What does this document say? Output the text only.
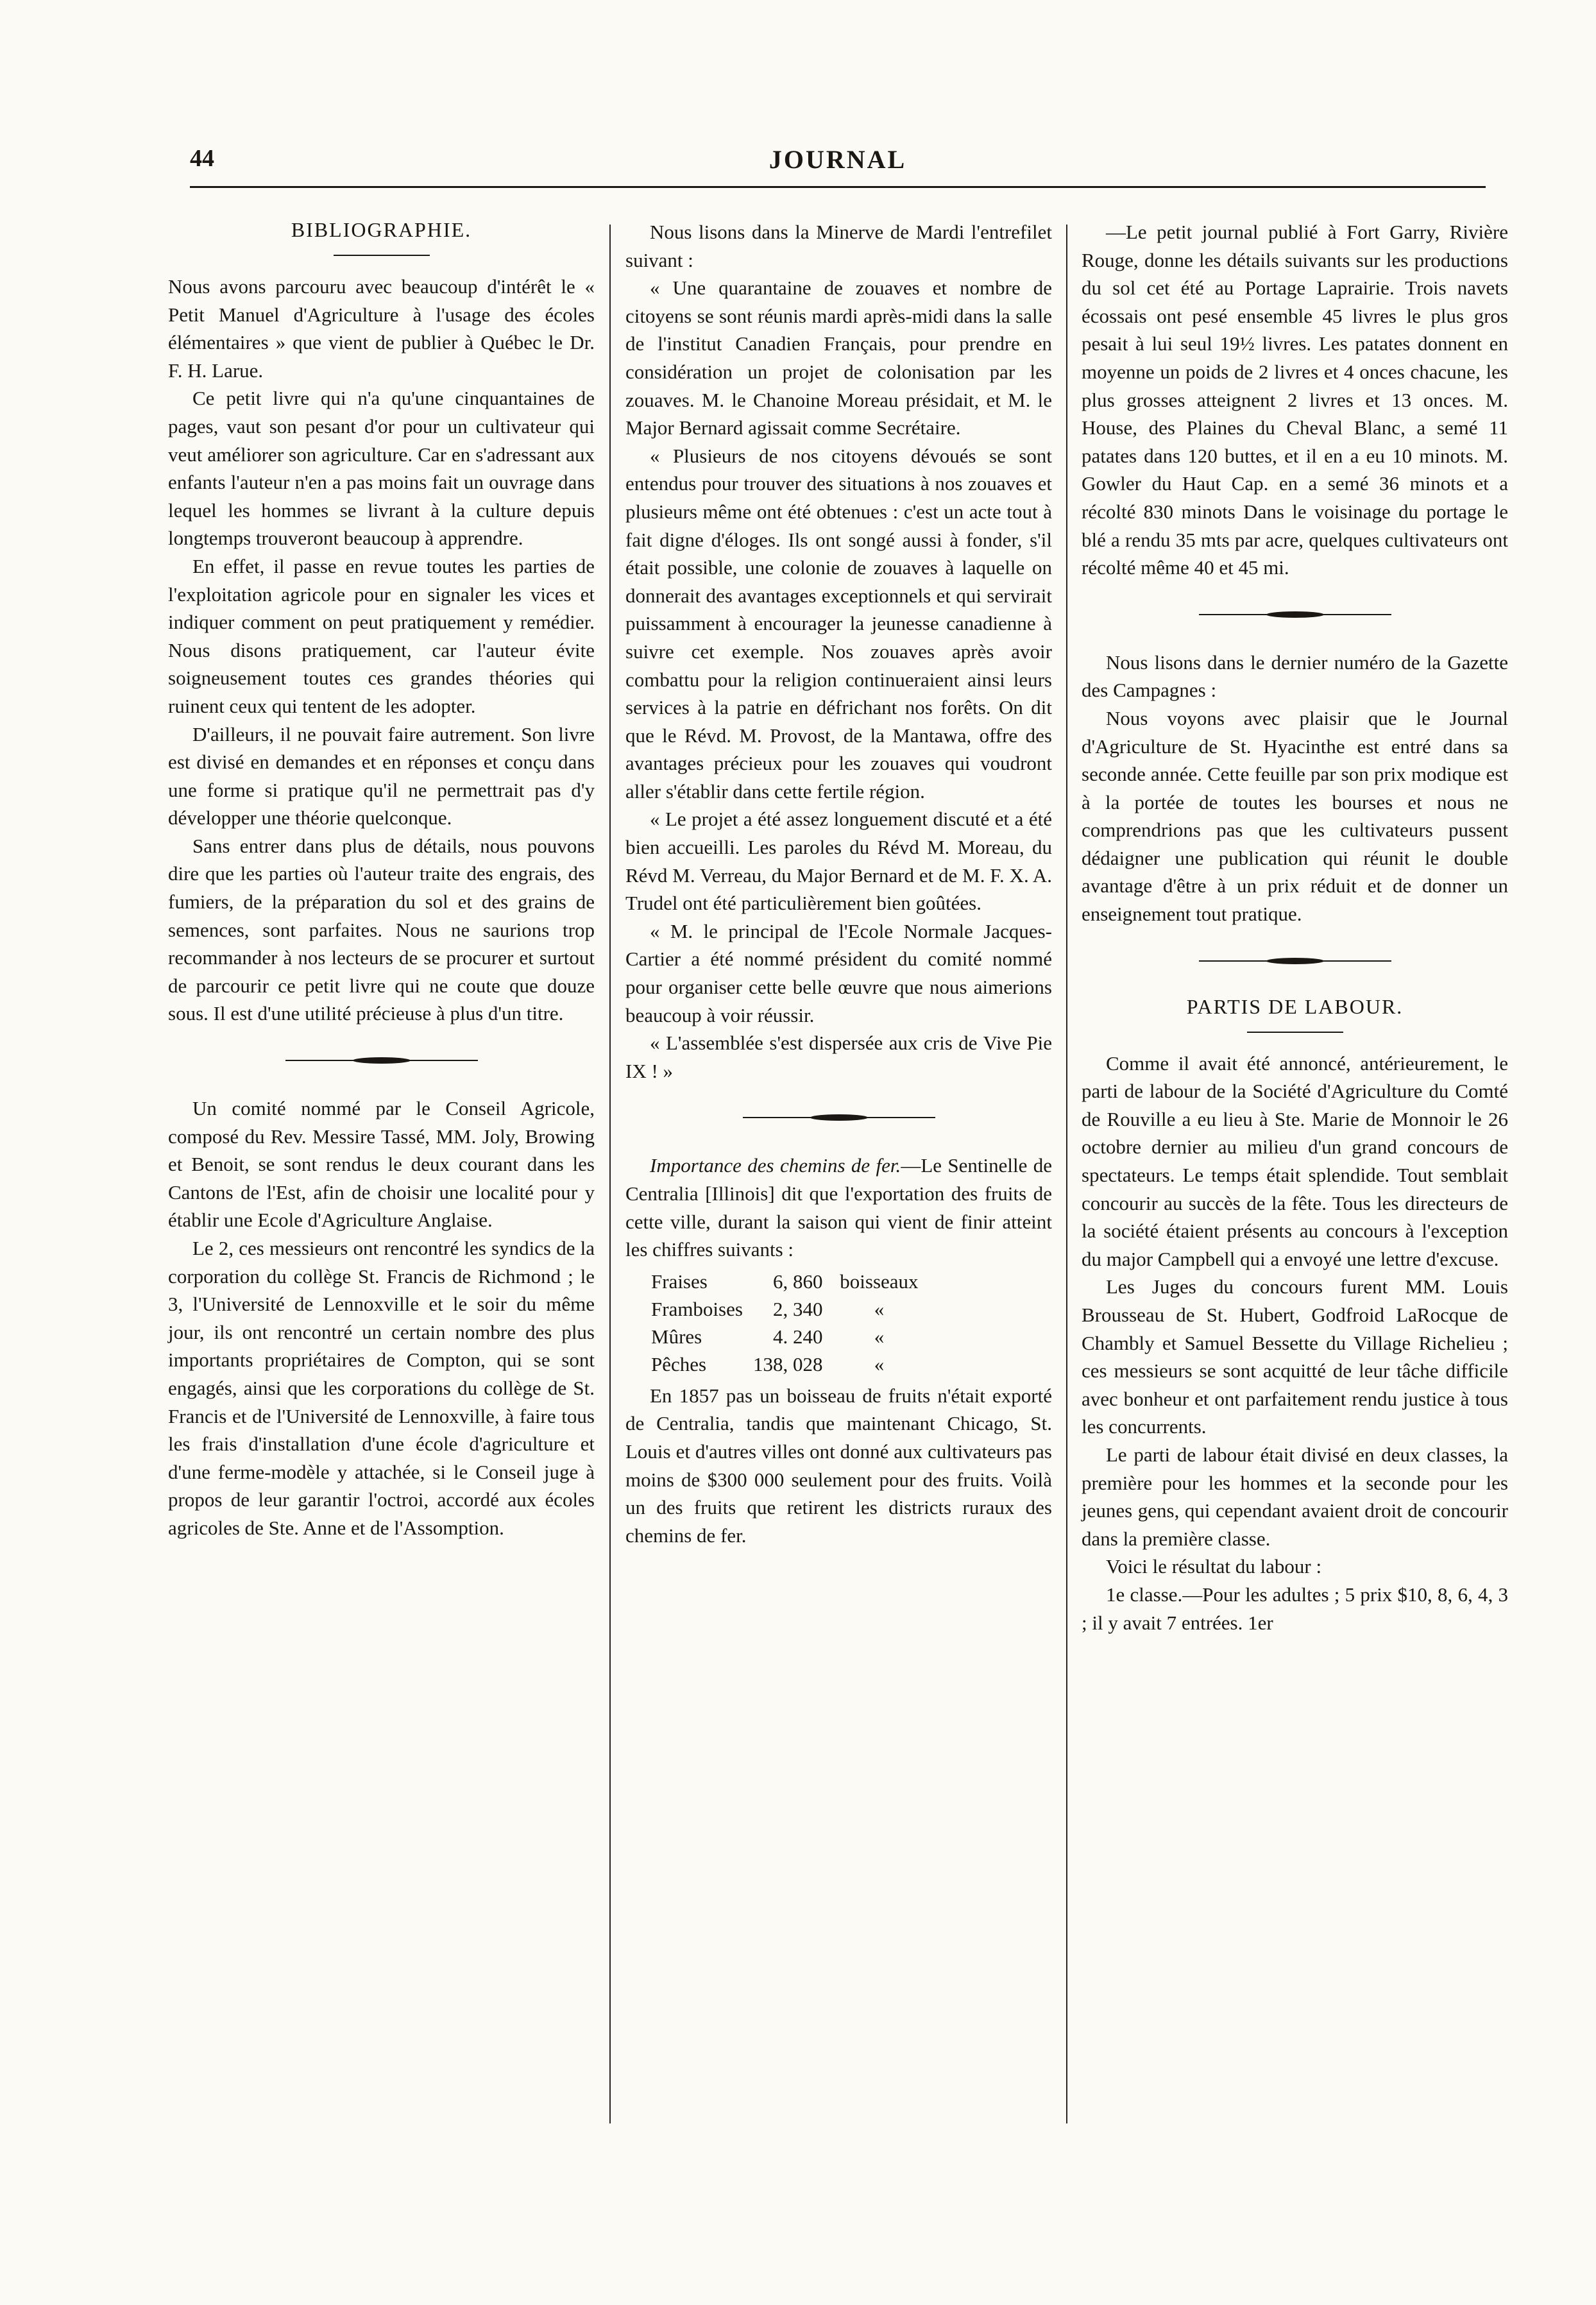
44	JOURNAL
BIBLIOGRAPHIE.

Nous avons parcouru avec beaucoup d'intérêt le « Petit Manuel d'Agriculture à l'usage des écoles élémentaires » que vient de publier à Québec le Dr. F. H. Larue.

Ce petit livre qui n'a qu'une cinquantaines de pages, vaut son pesant d'or pour un cultivateur qui veut améliorer son agriculture. Car en s'adressant aux enfants l'auteur n'en a pas moins fait un ouvrage dans lequel les hommes se livrant à la culture depuis longtemps trouveront beaucoup à apprendre.

En effet, il passe en revue toutes les parties de l'exploitation agricole pour en signaler les vices et indiquer comment on peut pratiquement y remédier. Nous disons pratiquement, car l'auteur évite soigneusement toutes ces grandes théories qui ruinent ceux qui tentent de les adopter.

D'ailleurs, il ne pouvait faire autrement. Son livre est divisé en demandes et en réponses et conçu dans une forme si pratique qu'il ne permettrait pas d'y développer une théorie quelconque.

Sans entrer dans plus de détails, nous pouvons dire que les parties où l'auteur traite des engrais, des fumiers, de la préparation du sol et des grains de semences, sont parfaites. Nous ne saurions trop recommander à nos lecteurs de se procurer et surtout de parcourir ce petit livre qui ne coute que douze sous. Il est d'une utilité précieuse à plus d'un titre.

Un comité nommé par le Conseil Agricole, composé du Rev. Messire Tassé, MM. Joly, Browing et Benoit, se sont rendus le deux courant dans les Cantons de l'Est, afin de choisir une localité pour y établir une Ecole d'Agriculture Anglaise.

Le 2, ces messieurs ont rencontré les syndics de la corporation du collège St. Francis de Richmond ; le 3, l'Université de Lennoxville et le soir du même jour, ils ont rencontré un certain nombre des plus importants propriétaires de Compton, qui se sont engagés, ainsi que les corporations du collège de St. Francis et de l'Université de Lennoxville, à faire tous les frais d'installation d'une école d'agriculture et d'une ferme-modèle y attachée, si le Conseil juge à propos de leur garantir l'octroi, accordé aux écoles agricoles de Ste. Anne et de l'Assomption.

Nous lisons dans la Minerve de Mardi l'entrefilet suivant :

« Une quarantaine de zouaves et nombre de citoyens se sont réunis mardi après-midi dans la salle de l'institut Canadien Français, pour prendre en considération un projet de colonisation par les zouaves. M. le Chanoine Moreau présidait, et M. le Major Bernard agissait comme Secrétaire.

« Plusieurs de nos citoyens dévoués se sont entendus pour trouver des situations à nos zouaves et plusieurs même ont été obtenues : c'est un acte tout à fait digne d'éloges. Ils ont songé aussi à fonder, s'il était possible, une colonie de zouaves à laquelle on donnerait des avantages exceptionnels et qui servirait puissamment à encourager la jeunesse canadienne à suivre cet exemple. Nos zouaves après avoir combattu pour la religion continueraient ainsi leurs services à la patrie en défrichant nos forêts. On dit que le Révd. M. Provost, de la Mantawa, offre des avantages précieux pour les zouaves qui voudront aller s'établir dans cette fertile région.

« Le projet a été assez longuement discuté et a été bien accueilli. Les paroles du Révd M. Moreau, du Révd M. Verreau, du Major Bernard et de M. F. X. A. Trudel ont été particulièrement bien goûtées.

« M. le principal de l'Ecole Normale Jacques-Cartier a été nommé président du comité nommé pour organiser cette belle œuvre que nous aimerions beaucoup à voir réussir.

« L'assemblée s'est dispersée aux cris de Vive Pie IX ! »

Importance des chemins de fer.—Le Sentinelle de Centralia [Illinois] dit que l'exportation des fruits de cette ville, durant la saison qui vient de finir atteint les chiffres suivants :

Fraises	6, 860	boisseaux
Framboises	2, 340	«
Mûres	4. 240	«
Pêches	138, 028	«

En 1857 pas un boisseau de fruits n'était exporté de Centralia, tandis que maintenant Chicago, St. Louis et d'autres villes ont donné aux cultivateurs pas moins de $300 000 seulement pour des fruits. Voilà un des fruits que retirent les districts ruraux des chemins de fer.

—Le petit journal publié à Fort Garry, Rivière Rouge, donne les détails suivants sur les productions du sol cet été au Portage Laprairie. Trois navets écossais ont pesé ensemble 45 livres le plus gros pesait à lui seul 19½ livres. Les patates donnent en moyenne un poids de 2 livres et 4 onces chacune, les plus grosses atteignent 2 livres et 13 onces. M. House, des Plaines du Cheval Blanc, a semé 11 patates dans 120 buttes, et il en a eu 10 minots. M. Gowler du Haut Cap. en a semé 36 minots et a récolté 830 minots Dans le voisinage du portage le blé a rendu 35 mts par acre, quelques cultivateurs ont récolté même 40 et 45 mi.

Nous lisons dans le dernier numéro de la Gazette des Campagnes :

Nous voyons avec plaisir que le Journal d'Agriculture de St. Hyacinthe est entré dans sa seconde année. Cette feuille par son prix modique est à la portée de toutes les bourses et nous ne comprendrions pas que les cultivateurs pussent dédaigner une publication qui réunit le double avantage d'être à un prix réduit et de donner un enseignement tout pratique.

PARTIS DE LABOUR.

Comme il avait été annoncé, antérieurement, le parti de labour de la Société d'Agriculture du Comté de Rouville a eu lieu à Ste. Marie de Monnoir le 26 octobre dernier au milieu d'un grand concours de spectateurs. Le temps était splendide. Tout semblait concourir au succès de la fête. Tous les directeurs de la société étaient présents au concours à l'exception du major Campbell qui a envoyé une lettre d'excuse.

Les Juges du concours furent MM. Louis Brousseau de St. Hubert, Godfroid LaRocque de Chambly et Samuel Bessette du Village Richelieu ; ces messieurs se sont acquitté de leur tâche difficile avec bonheur et ont parfaitement rendu justice à tous les concurrents.

Le parti de labour était divisé en deux classes, la première pour les hommes et la seconde pour les jeunes gens, qui cependant avaient droit de concourir dans la première classe.

Voici le résultat du labour :

1e classe.—Pour les adultes ; 5 prix $10, 8, 6, 4, 3 ; il y avait 7 entrées. 1er
